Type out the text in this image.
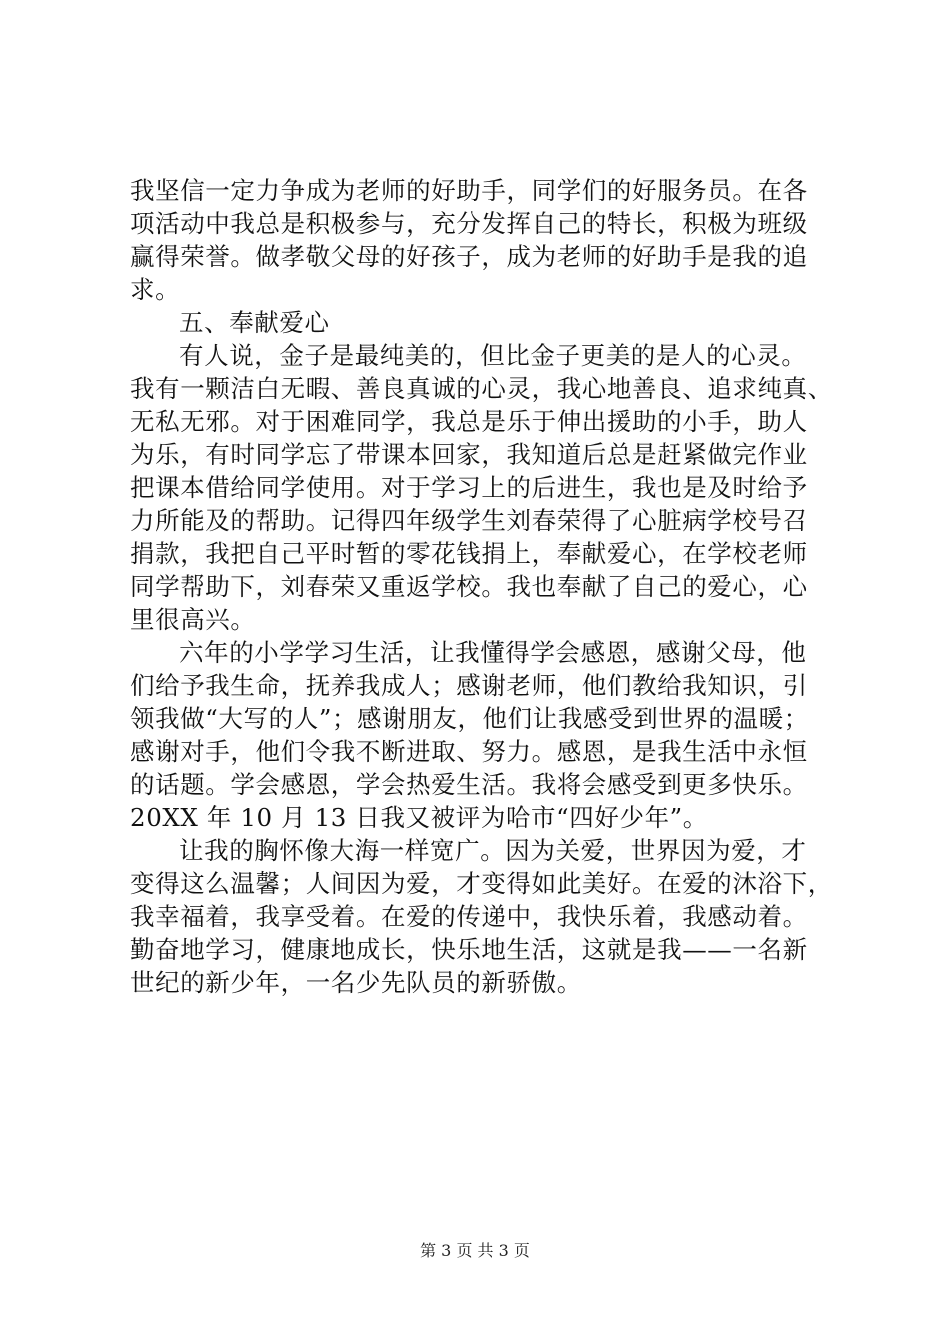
我坚信一定力争成为老师的好助手，同学们的好服务员。在各
项活动中我总是积极参与，充分发挥自己的特长，积极为班级
赢得荣誉。做孝敬父母的好孩子，成为老师的好助手是我的追
求。
五、奉献爱心
有人说，金子是最纯美的，但比金子更美的是人的心灵。
我有一颗洁白无暇、善良真诚的心灵，我心地善良、追求纯真、
无私无邪。对于困难同学，我总是乐于伸出援助的小手，助人
为乐，有时同学忘了带课本回家，我知道后总是赶紧做完作业
把课本借给同学使用。对于学习上的后进生，我也是及时给予
力所能及的帮助。记得四年级学生刘春荣得了心脏病学校号召
捐款，我把自己平时暂的零花钱捐上，奉献爱心，在学校老师
同学帮助下，刘春荣又重返学校。我也奉献了自己的爱心，心
里很高兴。
六年的小学学习生活，让我懂得学会感恩，感谢父母，他
们给予我生命，抚养我成人；感谢老师，他们教给我知识，引
领我做“大写的人”；感谢朋友，他们让我感受到世界的温暖；
感谢对手，他们令我不断进取、努力。感恩，是我生活中永恒
的话题。学会感恩，学会热爱生活。我将会感受到更多快乐。
20XX 年 10 月 13 日我又被评为哈市“四好少年”。
让我的胸怀像大海一样宽广。因为关爱，世界因为爱，才
变得这么温馨；人间因为爱，才变得如此美好。在爱的沐浴下，
我幸福着，我享受着。在爱的传递中，我快乐着，我感动着。
勤奋地学习，健康地成长，快乐地生活，这就是我——一名新
世纪的新少年，一名少先队员的新骄傲。
第 3 页 共 3 页
